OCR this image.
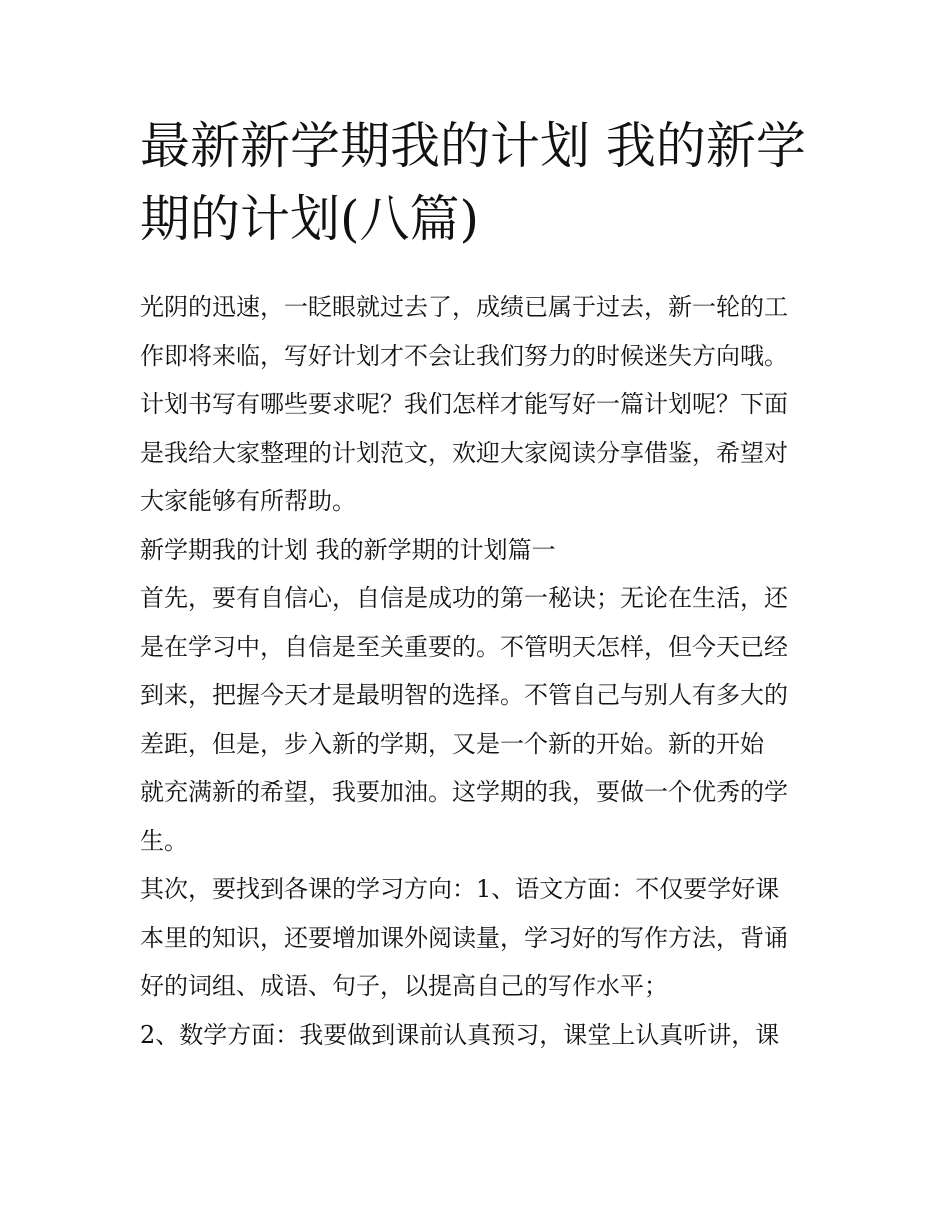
最新新学期我的计划 我的新学
期的计划(八篇)

光阴的迅速，一眨眼就过去了，成绩已属于过去，新一轮的工
作即将来临，写好计划才不会让我们努力的时候迷失方向哦。
计划书写有哪些要求呢？我们怎样才能写好一篇计划呢？下面
是我给大家整理的计划范文，欢迎大家阅读分享借鉴，希望对
大家能够有所帮助。

新学期我的计划 我的新学期的计划篇一

首先，要有自信心，自信是成功的第一秘诀；无论在生活，还
是在学习中，自信是至关重要的。不管明天怎样，但今天已经
到来，把握今天才是最明智的选择。不管自己与别人有多大的
差距，但是，步入新的学期，又是一个新的开始。新的开始
就充满新的希望，我要加油。这学期的我，要做一个优秀的学
生。

其次，要找到各课的学习方向：1、语文方面：不仅要学好课
本里的知识，还要增加课外阅读量，学习好的写作方法，背诵
好的词组、成语、句子，以提高自己的写作水平；

2、数学方面：我要做到课前认真预习，课堂上认真听讲，课
